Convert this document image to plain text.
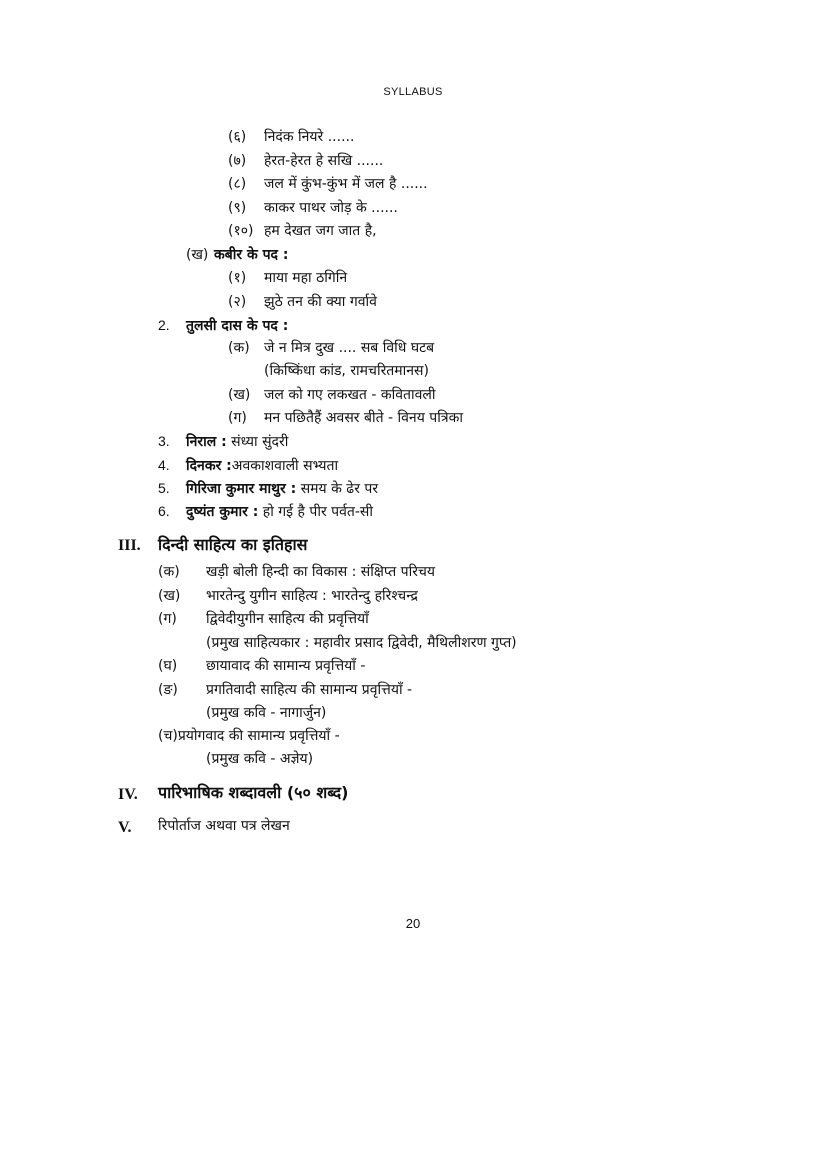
SYLLABUS
(६) निदंक नियरे ......
(७) हेरत-हेरत हे सखि ......
(८) जल में कुंभ-कुंभ में जल है ......
(९) काकर पाथर जोड़ के ......
(१०) हम देखत जग जात है,
(ख) कबीर के पद :
(१) माया महा ठगिनि
(२) झुठे तन की क्या गर्वावे
2. तुलसी दास के पद :
(क) जे न मित्र दुख .... सब विधि घटब
(किष्किंधा कांड, रामचरितमानस)
(ख) जल को गए लकखत - कवितावली
(ग) मन पछितैहैं अवसर बीते - विनय पत्रिका
3. निराल : संध्या सुंदरी
4. दिनकर :अवकाशवाली सभ्यता
5. गिरिजा कुमार माथुर : समय के ढेर पर
6. दुष्यंत कुमार : हो गई है पीर पर्वत-सी
III. दिन्दी साहित्य का इतिहास
(क) खड़ी बोली हिन्दी का विकास : संक्षिप्त परिचय
(ख) भारतेन्दु युगीन साहित्य : भारतेन्दु हरिश्चन्द्र
(ग) द्विवेदीयुगीन साहित्य की प्रवृत्तियाँ
(प्रमुख साहित्यकार : महावीर प्रसाद द्विवेदी, मैथिलीशरण गुप्त)
(घ) छायावाद की सामान्य प्रवृत्तियाँ -
(ङ) प्रगतिवादी साहित्य की सामान्य प्रवृत्तियाँ -
(प्रमुख कवि - नागार्जुन)
(च)प्रयोगवाद की सामान्य प्रवृत्तियाँ -
(प्रमुख कवि - अज्ञेय)
IV. पारिभाषिक शब्दावली (५० शब्द)
V. रिपोर्ताज अथवा पत्र लेखन
20
